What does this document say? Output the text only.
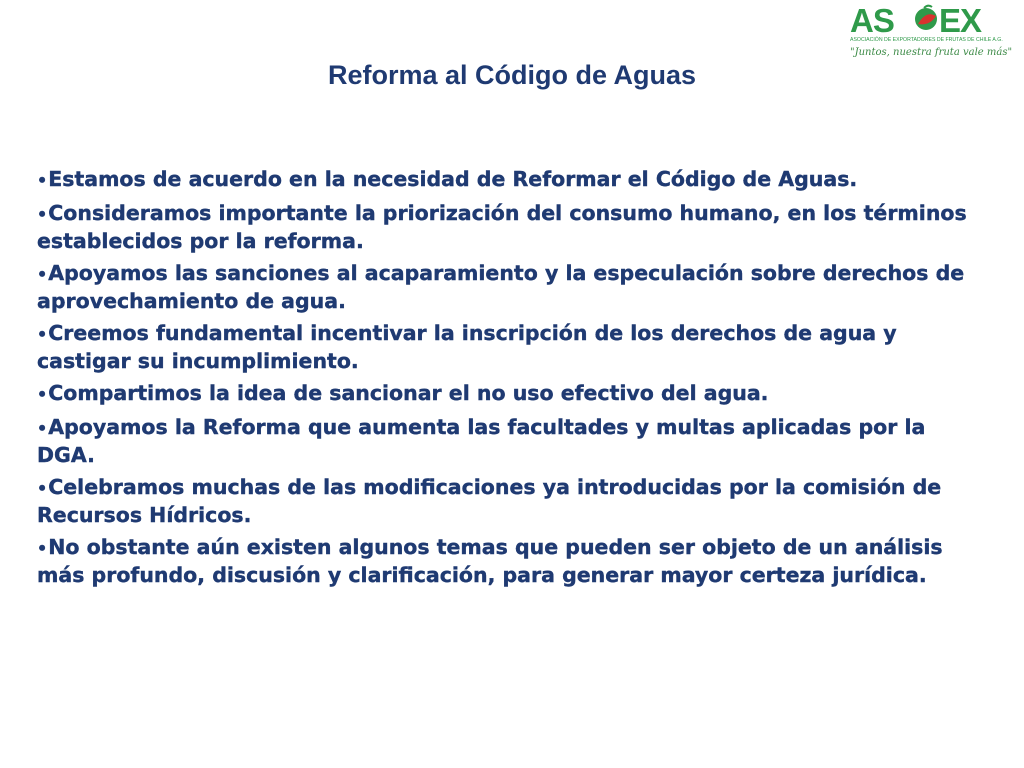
AS EX
ASOCIACIÓN DE EXPORTADORES DE FRUTAS DE CHILE A.G.
"Juntos, nuestra fruta vale más"
Reforma al Código de Aguas
•Estamos de acuerdo en la necesidad de Reformar el Código de Aguas.
•Consideramos importante la priorización del consumo humano, en los términos establecidos por la reforma.
•Apoyamos las sanciones al acaparamiento y la especulación sobre derechos de aprovechamiento de agua.
•Creemos fundamental incentivar la inscripción de los derechos de agua y castigar su incumplimiento.
•Compartimos la idea de sancionar el no uso efectivo del agua.
•Apoyamos la Reforma que aumenta las facultades y multas aplicadas por la DGA.
•Celebramos muchas de las modificaciones ya introducidas por la comisión de Recursos Hídricos.
•No obstante aún existen algunos temas que pueden ser objeto de un análisis más profundo, discusión y clarificación, para generar mayor certeza jurídica.
